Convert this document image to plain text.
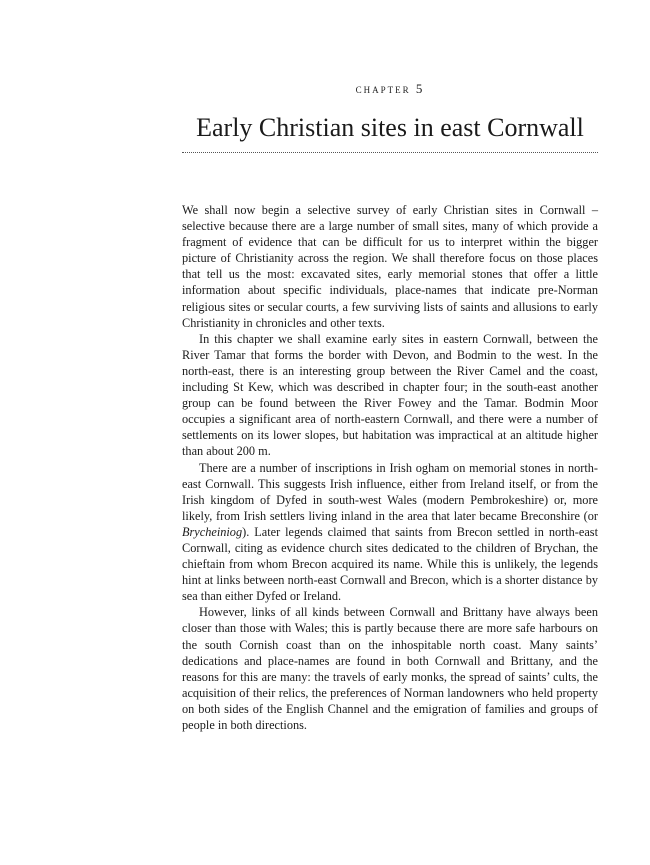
chapter 5
Early Christian sites in east Cornwall

We shall now begin a selective survey of early Christian sites in Cornwall – selective because there are a large number of small sites, many of which provide a fragment of evidence that can be difficult for us to interpret within the bigger picture of Christianity across the region. We shall therefore focus on those places that tell us the most: excavated sites, early memorial stones that offer a little information about specific individuals, place-names that indicate pre-Norman religious sites or secular courts, a few surviving lists of saints and allusions to early Christianity in chronicles and other texts.

In this chapter we shall examine early sites in eastern Cornwall, between the River Tamar that forms the border with Devon, and Bodmin to the west. In the north-east, there is an interesting group between the River Camel and the coast, including St Kew, which was described in chapter four; in the south-east another group can be found between the River Fowey and the Tamar. Bodmin Moor occupies a significant area of north-eastern Cornwall, and there were a number of settlements on its lower slopes, but habitation was impractical at an altitude higher than about 200 m.

There are a number of inscriptions in Irish ogham on memorial stones in north-east Cornwall. This suggests Irish influence, either from Ireland itself, or from the Irish kingdom of Dyfed in south-west Wales (modern Pembrokeshire) or, more likely, from Irish settlers living inland in the area that later became Breconshire (or Brycheiniog). Later legends claimed that saints from Brecon settled in north-east Cornwall, citing as evidence church sites dedicated to the children of Brychan, the chieftain from whom Brecon acquired its name. While this is unlikely, the legends hint at links between north-east Cornwall and Brecon, which is a shorter distance by sea than either Dyfed or Ireland.

However, links of all kinds between Cornwall and Brittany have always been closer than those with Wales; this is partly because there are more safe harbours on the south Cornish coast than on the inhospitable north coast. Many saints’ dedications and place-names are found in both Cornwall and Brittany, and the reasons for this are many: the travels of early monks, the spread of saints’ cults, the acquisition of their relics, the preferences of Norman landowners who held property on both sides of the English Channel and the emigration of families and groups of people in both directions.
